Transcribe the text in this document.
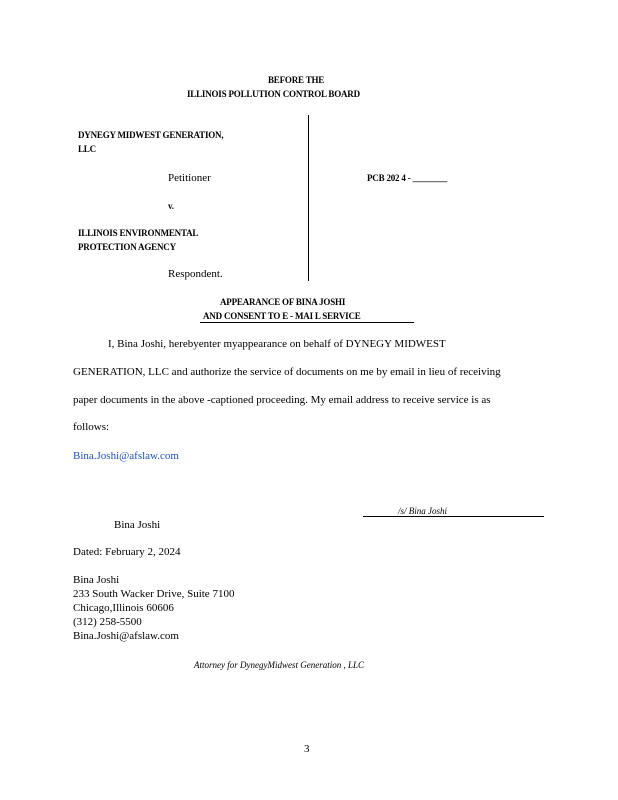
BEFORE THE
ILLINOIS POLLUTION CONTROL BOARD
DYNEGY MIDWEST GENERATION,
LLC
Petitioner	PCB 202 4 - ________
v.
ILLINOIS ENVIRONMENTAL
PROTECTION AGENCY
Respondent.
APPEARANCE OF BINA JOSHI
AND CONSENT TO E - MAI L SERVICE
I, Bina Joshi, herebyenter myappearance on behalf of DYNEGY MIDWEST
GENERATION, LLC and authorize the service of documents on me by email in lieu of receiving
paper documents in the above -captioned proceeding. My email address to receive service is as
follows:
Bina.Joshi@afslaw.com
/s/ Bina Joshi
Bina Joshi
Dated: February 2, 2024
Bina Joshi
233 South Wacker Drive, Suite 7100
Chicago,Illinois 60606
(312) 258-5500
Bina.Joshi@afslaw.com
Attorney for DynegyMidwest Generation , LLC
3
